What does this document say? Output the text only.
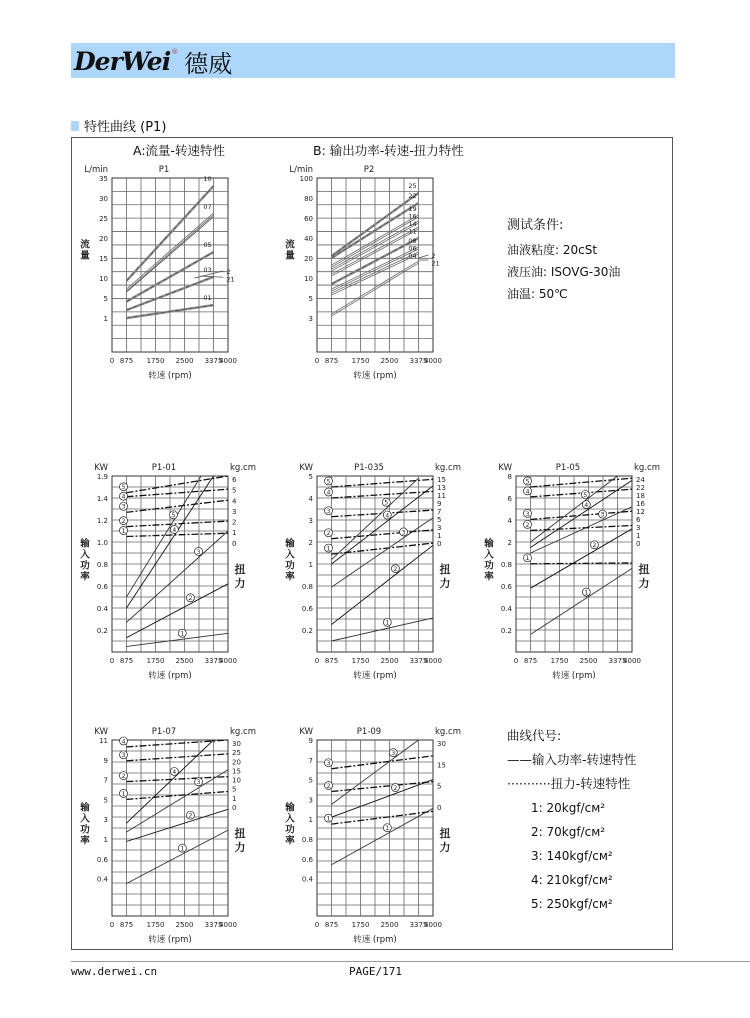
DerWei ® 德威
特性曲线 (P1)
A:流量-转速特性	B: 输出功率-转速-扭力特性
测试条件:
油液粘度: 20cSt
液压油: ISOVG-30油
油温: 50℃
曲线代号:
——输入功率-转速特性
···········扭力-转速特性
1: 20kgf/cм²
2: 70kgf/cм²
3: 140kgf/cм²
4: 210kgf/cм²
5: 250kgf/cм²
0 875 1750 2500 3375
4000
转速 (rpm)
1
5
10
15
20
25
30
35
L/min	P1
流
量
10
07
05
03
01
2
21
0 875 1750 2500 3375
4000
转速 (rpm)
3
5
10
20
40
60
80
100
L/min	P2
流
量
25
22
19
16
14
11
08
06
04 2
21
0 875 1750 2500 3375
4000
转速 (rpm)
0.2
0.4
0.6
0.8
1.0
1.2
1.4
1.9
KW	P1-01
输
入
功
率
kg.cm
0
1
2
3
4
5
6
扭
力
5
4
3
2
1
1
2
3
4
5
0 875 1750 2500 3375
4000
转速 (rpm)
0.2
0.6
0.8
1
2
3
4
5
KW	P1-035
输
入
功
率
kg.cm
0
1
3
5
7
9
11
13
15
扭
力
5
4
3
2
1
1
2
3
4
5
0 875 1750 2500 3375
4000
转速 (rpm)
0.2
0.4
0.6
0.8
2
4
6
8
KW	P1-05
输
入
功
率
kg.cm
0
1
3
6
12
16
18
22
24
扭
力
5
4
3
2
1
1
2
3
4
5
0 875 1750 2500 3375
4000
转速 (rpm)
0.4
0.6
1
3
5
7
9
11
KW	P1-07
输
入
功
率
kg.cm
0
1
5
10
15
20
25
30
扭
力
4
3
2
1
1
2
3
4
0 875 1750 2500 3375
4000
转速 (rpm)
0.4
0.6
0.8
1
3
5
7
9
KW	P1-09
输
入
功
率
kg.cm
0
5
15
30
扭
力
3
2
1
1
2
3
www.derwei.cn	PAGE/171
